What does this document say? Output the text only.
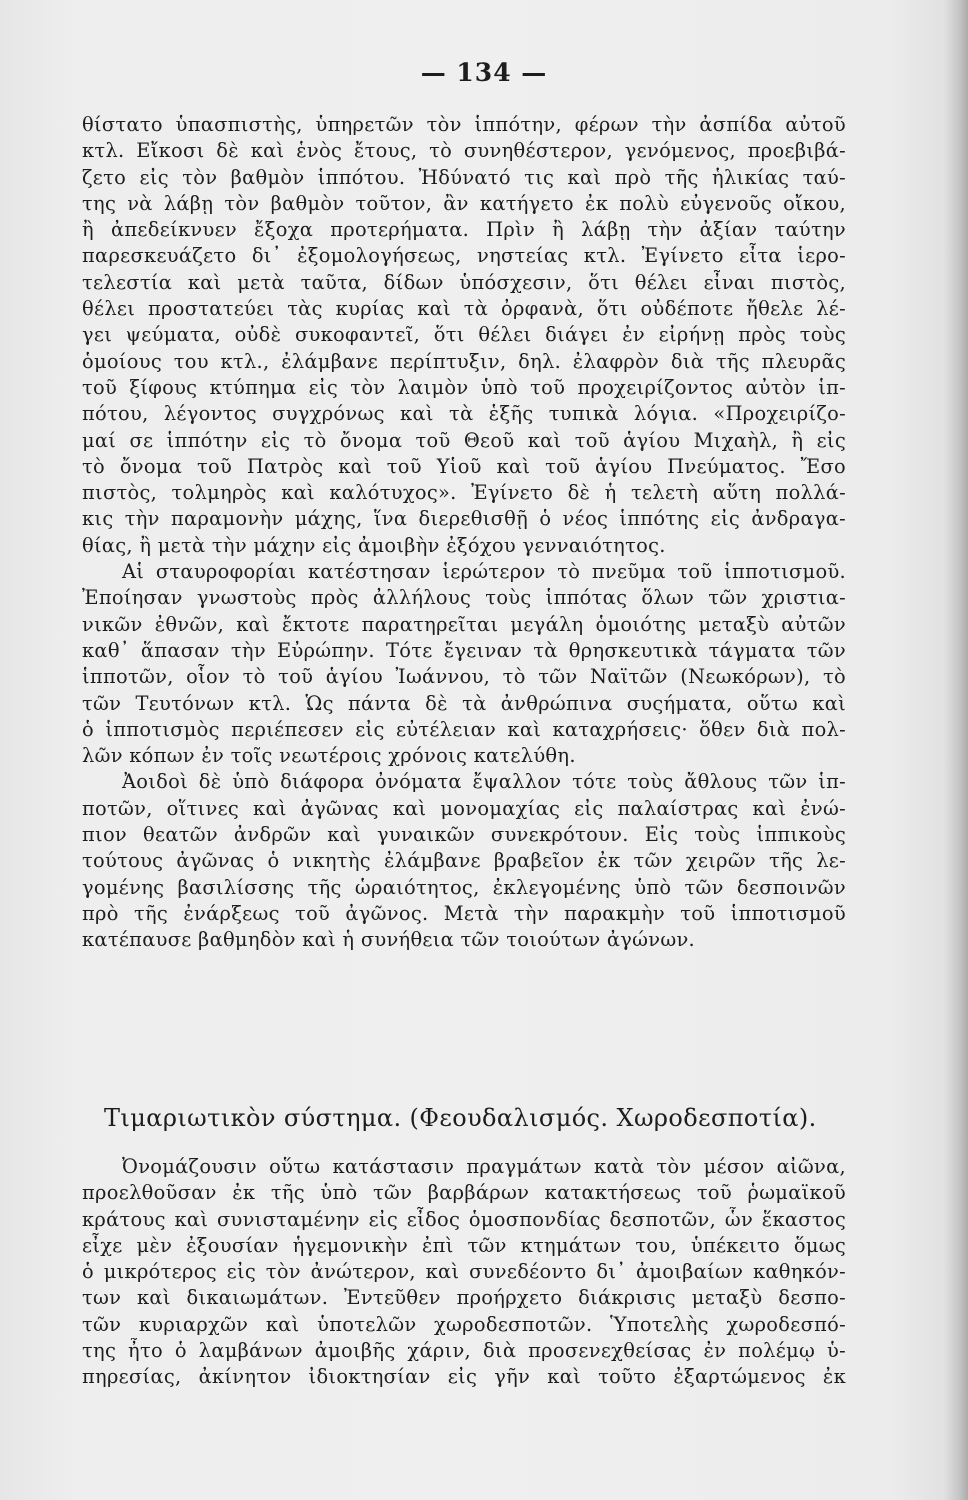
— 134 —
θίστατο ὑπασπιστὴς, ὑπηρετῶν τὸν ἱππότην, φέρων τὴν ἀσπίδα αὐτοῦ
κτλ. Εἴκοσι δὲ καὶ ἑνὸς ἔτους, τὸ συνηθέστερον, γενόμενος, προεβιβά-
ζετο εἰς τὸν βαθμὸν ἱππότου. Ἠδύνατό τις καὶ πρὸ τῆς ἡλικίας ταύ-
της νὰ λάβῃ τὸν βαθμὸν τοῦτον, ἂν κατήγετο ἐκ πολὺ εὐγενοῦς οἴκου,
ἢ ἀπεδείκνυεν ἔξοχα προτερήματα. Πρὶν ἢ λάβῃ τὴν ἀξίαν ταύτην
παρεσκευάζετο δι᾽ ἐξομολογήσεως, νηστείας κτλ. Ἐγίνετο εἶτα ἱερο-
τελεστία καὶ μετὰ ταῦτα, δίδων ὑπόσχεσιν, ὅτι θέλει εἶναι πιστὸς,
θέλει προστατεύει τὰς κυρίας καὶ τὰ ὀρφανὰ, ὅτι οὐδέποτε ἤθελε λέ-
γει ψεύματα, οὐδὲ συκοφαντεῖ, ὅτι θέλει διάγει ἐν εἰρήνῃ πρὸς τοὺς
ὁμοίους του κτλ., ἐλάμβανε περίπτυξιν, δηλ. ἐλαφρὸν διὰ τῆς πλευρᾶς
τοῦ ξίφους κτύπημα εἰς τὸν λαιμὸν ὑπὸ τοῦ προχειρίζοντος αὐτὸν ἱπ-
πότου, λέγοντος συγχρόνως καὶ τὰ ἑξῆς τυπικὰ λόγια. «Προχειρίζο-
μαί σε ἱππότην εἰς τὸ ὄνομα τοῦ Θεοῦ καὶ τοῦ ἁγίου Μιχαὴλ, ἢ εἰς
τὸ ὄνομα τοῦ Πατρὸς καὶ τοῦ Υἱοῦ καὶ τοῦ ἁγίου Πνεύματος. Ἔσο
πιστὸς, τολμηρὸς καὶ καλότυχος». Ἐγίνετο δὲ ἡ τελετὴ αὕτη πολλά-
κις τὴν παραμονὴν μάχης, ἵνα διερεθισθῇ ὁ νέος ἱππότης εἰς ἀνδραγα-
θίας, ἢ μετὰ τὴν μάχην εἰς ἀμοιβὴν ἐξόχου γενναιότητος.
Αἱ σταυροφορίαι κατέστησαν ἱερώτερον τὸ πνεῦμα τοῦ ἱπποτισμοῦ.
Ἐποίησαν γνωστοὺς πρὸς ἀλλήλους τοὺς ἱππότας ὅλων τῶν χριστια-
νικῶν ἐθνῶν, καὶ ἔκτοτε παρατηρεῖται μεγάλη ὁμοιότης μεταξὺ αὐτῶν
καθ᾽ ἅπασαν τὴν Εὐρώπην. Τότε ἔγειναν τὰ θρησκευτικὰ τάγματα τῶν
ἱπποτῶν, οἷον τὸ τοῦ ἁγίου Ἰωάννου, τὸ τῶν Ναϊτῶν (Νεωκόρων), τὸ
τῶν Τευτόνων κτλ. Ὡς πάντα δὲ τὰ ἀνθρώπινα συςήματα, οὕτω καὶ
ὁ ἱπποτισμὸς περιέπεσεν εἰς εὐτέλειαν καὶ καταχρήσεις· ὅθεν διὰ πολ-
λῶν κόπων ἐν τοῖς νεωτέροις χρόνοις κατελύθη.
Ἀοιδοὶ δὲ ὑπὸ διάφορα ὀνόματα ἔψαλλον τότε τοὺς ἄθλους τῶν ἱπ-
ποτῶν, οἵτινες καὶ ἀγῶνας καὶ μονομαχίας εἰς παλαίστρας καὶ ἐνώ-
πιον θεατῶν ἀνδρῶν καὶ γυναικῶν συνεκρότουν. Εἰς τοὺς ἱππικοὺς
τούτους ἀγῶνας ὁ νικητὴς ἐλάμβανε βραβεῖον ἐκ τῶν χειρῶν τῆς λε-
γομένης βασιλίσσης τῆς ὡραιότητος, ἐκλεγομένης ὑπὸ τῶν δεσποινῶν
πρὸ τῆς ἐνάρξεως τοῦ ἀγῶνος. Μετὰ τὴν παρακμὴν τοῦ ἱπποτισμοῦ
κατέπαυσε βαθμηδὸν καὶ ἡ συνήθεια τῶν τοιούτων ἀγώνων.
Τιμαριωτικὸν σύστημα. (Φεουδαλισμός. Χωροδεσποτία).
Ὀνομάζουσιν οὕτω κατάστασιν πραγμάτων κατὰ τὸν μέσον αἰῶνα,
προελθοῦσαν ἐκ τῆς ὑπὸ τῶν βαρβάρων κατακτήσεως τοῦ ῥωμαϊκοῦ
κράτους καὶ συνισταμένην εἰς εἶδος ὁμοσπονδίας δεσποτῶν, ὧν ἕκαστος
εἶχε μὲν ἐξουσίαν ἡγεμονικὴν ἐπὶ τῶν κτημάτων του, ὑπέκειτο ὅμως
ὁ μικρότερος εἰς τὸν ἀνώτερον, καὶ συνεδέοντο δι᾽ ἀμοιβαίων καθηκόν-
των καὶ δικαιωμάτων. Ἐντεῦθεν προήρχετο διάκρισις μεταξὺ δεσπο-
τῶν κυριαρχῶν καὶ ὑποτελῶν χωροδεσποτῶν. Ὑποτελὴς χωροδεσπό-
της ἦτο ὁ λαμβάνων ἀμοιβῆς χάριν, διὰ προσενεχθείσας ἐν πολέμῳ ὑ-
πηρεσίας, ἀκίνητον ἰδιοκτησίαν εἰς γῆν καὶ τοῦτο ἐξαρτώμενος ἐκ
